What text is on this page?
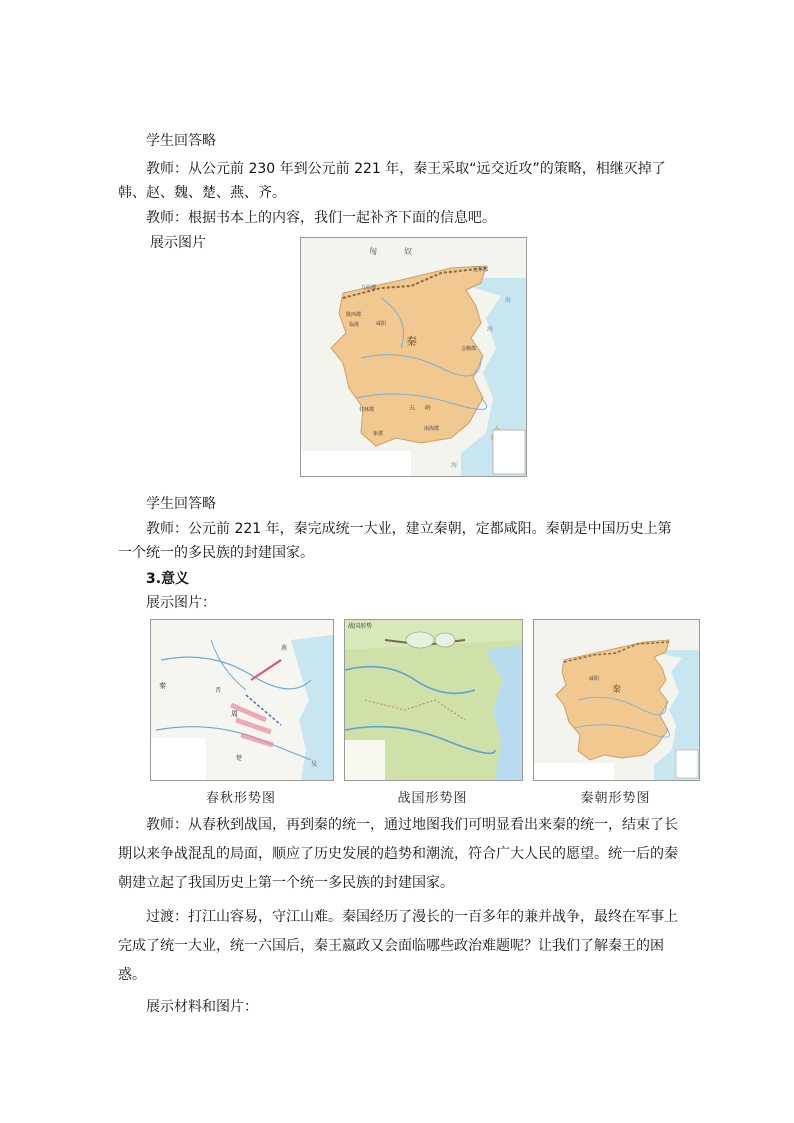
学生回答略
教师：从公元前 230 年到公元前 221 年，秦王采取“远交近攻”的策略，相继灭掉了韩、赵、魏、楚、燕、齐。
教师：根据书本上的内容，我们一起补齐下面的信息吧。
展示图片
匈	奴
秦
咸阳
辽东郡
九原郡
陇西郡
临洮
会稽郡
桂林郡
南海郡
象郡
五 岭
海
海
海
学生回答略
教师：公元前 221 年，秦完成统一大业，建立秦朝，定都咸阳。秦朝是中国历史上第一个统一的多民族的封建国家。
3.意义
展示图片：
秦
周
晋
楚
燕
吴
战国形势
秦
咸阳
春秋形势图	战国形势图	秦朝形势图
教师：从春秋到战国，再到秦的统一，通过地图我们可明显看出来秦的统一，结束了长期以来争战混乱的局面，顺应了历史发展的趋势和潮流，符合广大人民的愿望。统一后的秦朝建立起了我国历史上第一个统一多民族的封建国家。
过渡：打江山容易，守江山难。秦国经历了漫长的一百多年的兼并战争，最终在军事上完成了统一大业，统一六国后，秦王嬴政又会面临哪些政治难题呢？让我们了解秦王的困惑。
展示材料和图片：
